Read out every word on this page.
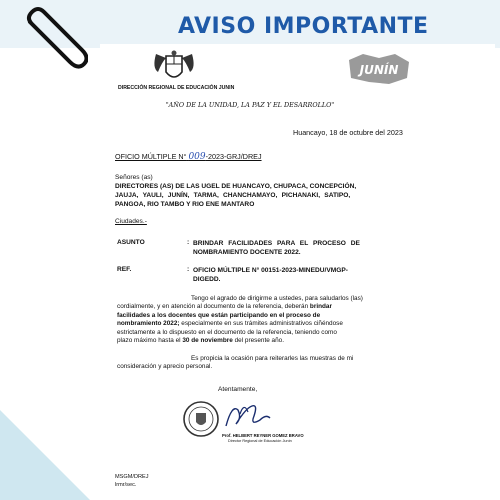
AVISO IMPORTANTE
DIRECCIÓN REGIONAL DE EDUCACIÓN JUNIN
JUNÍN
"AÑO DE LA UNIDAD, LA PAZ Y EL DESARROLLO"
Huancayo, 18 de octubre del 2023
OFICIO MÚLTIPLE N° 009-2023-GRJ/DREJ
Señores (as)
DIRECTORES (AS) DE LAS UGEL DE HUANCAYO, CHUPACA, CONCEPCIÓN,
JAUJA, YAULI, JUNÍN, TARMA, CHANCHAMAYO, PICHANAKI, SATIPO,
PANGOA, RIO TAMBO Y RIO ENE MANTARO
Ciudades.-
ASUNTO	: BRINDAR FACILIDADES PARA EL PROCESO DE
NOMBRAMIENTO DOCENTE 2022.
REF.	: OFICIO MÚLTIPLE N° 00151-2023-MINEDU/VMGP-
DIGEDD.
Tengo el agrado de dirigirme a ustedes, para saludarlos (las)
cordialmente, y en atención al documento de la referencia, deberán brindar
facilidades a los docentes que están participando en el proceso de
nombramiento 2022; especialmente en sus trámites administrativos ciñéndose
estrictamente a lo dispuesto en el documento de la referencia, teniendo como
plazo máximo hasta el 30 de noviembre del presente año.
Es propicia la ocasión para reiterarles las muestras de mi
consideración y aprecio personal.
Atentamente,
Prof. HELBERT REYNER GOMEZ BRAVO
Director Regional de Educación Junín
MSGM/DREJ
lrmr/sec.
